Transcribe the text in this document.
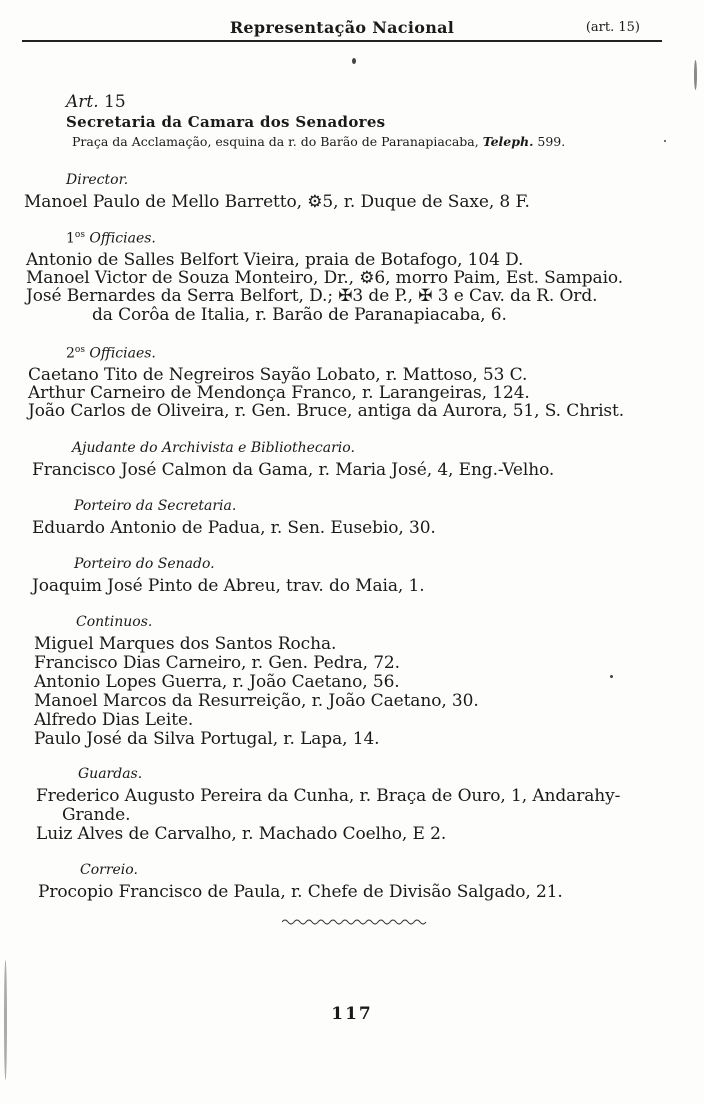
Representação Nacional	(art. 15)
Art. 15
Secretaria da Camara dos Senadores
Praça da Acclamação, esquina da r. do Barão de Paranapiacaba, Teleph. 599.
Director.
Manoel Paulo de Mello Barretto, ⚙5, r. Duque de Saxe, 8 F.
$1^{os}$ Officiaes.
Antonio de Salles Belfort Vieira, praia de Botafogo, 104 D.
Manoel Victor de Souza Monteiro, Dr., ⚙6, morro Paim, Est. Sampaio.
José Bernardes da Serra Belfort, D.; ✠3 de P., ✠ 3 e Cav. da R. Ord.
da Corôa de Italia, r. Barão de Paranapiacaba, 6.
$2^{os}$ Officiaes.
Caetano Tito de Negreiros Sayão Lobato, r. Mattoso, 53 C.
Arthur Carneiro de Mendonça Franco, r. Larangeiras, 124.
João Carlos de Oliveira, r. Gen. Bruce, antiga da Aurora, 51, S. Christ.
Ajudante do Archivista e Bibliothecario.
Francisco José Calmon da Gama, r. Maria José, 4, Eng.-Velho.
Porteiro da Secretaria.
Eduardo Antonio de Padua, r. Sen. Eusebio, 30.
Porteiro do Senado.
Joaquim José Pinto de Abreu, trav. do Maia, 1.
Continuos.
Miguel Marques dos Santos Rocha.
Francisco Dias Carneiro, r. Gen. Pedra, 72.
Antonio Lopes Guerra, r. João Caetano, 56.
Manoel Marcos da Resurreição, r. João Caetano, 30.
Alfredo Dias Leite.
Paulo José da Silva Portugal, r. Lapa, 14.
Guardas.
Frederico Augusto Pereira da Cunha, r. Braça de Ouro, 1, Andarahy-
Grande.
Luiz Alves de Carvalho, r. Machado Coelho, E 2.
Correio.
Procopio Francisco de Paula, r. Chefe de Divisão Salgado, 21.
117
